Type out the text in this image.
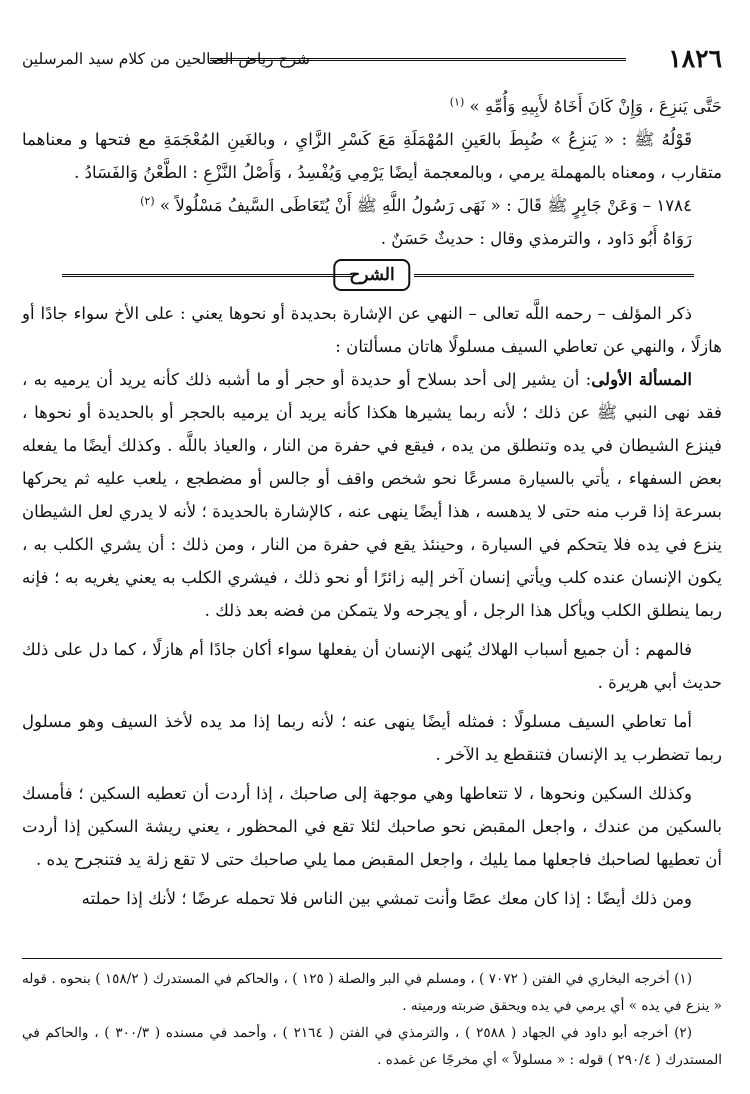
١٨٢٦
شرح رياض الصالحين من كلام سيد المرسلين

حَتَّى يَنزِعَ ، وَإِنْ كَانَ أَخَاهُ لأَبِيهِ وَأُمِّهِ » $^{(١)}$

قَوْلُهُ ﷺ : « يَنزِعُ » ضُبِطَ بالعَينِ المُهْمَلَةِ مَعَ كَسْرِ الزَّايِ ، وبالغَينِ المُعْجَمَةِ مع فتحها و معناهما متقارب ، ومعناه بالمهملة يرمي ، وبالمعجمة أيضًا يَرْمِي وَيُفْسِدُ ، وَأَصْلُ النَّزْعِ : الطَّعْنُ وَالفَسَادُ .

١٧٨٤ – وَعَنْ جَابِرٍ ﷺ قَالَ : « نَهَى رَسُولُ اللَّهِ ﷺ أَنْ يُتَعَاطَى السَّيفُ مَسْلُولاً » $^{(٢)}$

رَوَاهُ أَبُو دَاود ، والترمذي وقال : حديثٌ حَسَنٌ .

الشرح

ذكر المؤلف – رحمه اللَّه تعالى – النهي عن الإشارة بحديدة أو نحوها يعني : على الأخ سواء جادًا أو هازلًا ، والنهي عن تعاطي السيف مسلولًا هاتان مسألتان :

المسألة الأولى: أن يشير إلى أحد بسلاح أو حديدة أو حجر أو ما أشبه ذلك كأنه يريد أن يرميه به ، فقد نهى النبي ﷺ عن ذلك ؛ لأنه ربما يشيرها هكذا كأنه يريد أن يرميه بالحجر أو بالحديدة أو نحوها ، فينزع الشيطان في يده وتنطلق من يده ، فيقع في حفرة من النار ، والعياذ باللَّه . وكذلك أيضًا ما يفعله بعض السفهاء ، يأتي بالسيارة مسرعًا نحو شخص واقف أو جالس أو مضطجع ، يلعب عليه ثم يحركها بسرعة إذا قرب منه حتى لا يدهسه ، هذا أيضًا ينهى عنه ، كالإشارة بالحديدة ؛ لأنه لا يدري لعل الشيطان ينزع في يده فلا يتحكم في السيارة ، وحينئذ يقع في حفرة من النار ، ومن ذلك : أن يشري الكلب به ، يكون الإنسان عنده كلب ويأتي إنسان آخر إليه زائرًا أو نحو ذلك ، فيشري الكلب به يعني يغريه به ؛ فإنه ربما ينطلق الكلب ويأكل هذا الرجل ، أو يجرحه ولا يتمكن من فضه بعد ذلك .

فالمهم : أن جميع أسباب الهلاك يُنهى الإنسان أن يفعلها سواء أكان جادًا أم هازلًا ، كما دل على ذلك حديث أبي هريرة .

أما تعاطي السيف مسلولًا : فمثله أيضًا ينهى عنه ؛ لأنه ربما إذا مد يده لأخذ السيف وهو مسلول ربما تضطرب يد الإنسان فتنقطع يد الآخر .

وكذلك السكين ونحوها ، لا تتعاطها وهي موجهة إلى صاحبك ، إذا أردت أن تعطيه السكين ؛ فأمسك بالسكين من عندك ، واجعل المقبض نحو صاحبك لئلا تقع في المحظور ، يعني ريشة السكين إذا أردت أن تعطيها لصاحبك فاجعلها مما يليك ، واجعل المقبض مما يلي صاحبك حتى لا تقع زلة يد فتنجرح يده .

ومن ذلك أيضًا : إذا كان معك عصًا وأنت تمشي بين الناس فلا تحمله عرضًا ؛ لأنك إذا حملته

(١) أخرجه البخاري في الفتن ( ٧٠٧٢ ) ، ومسلم في البر والصلة ( ١٢٥ ) ، والحاكم في المستدرك ( ١٥٨/٢ ) بنحوه . قوله « ينزع في يده » أي يرمي في يده ويحقق ضربته ورميته .

(٢) أخرجه أبو داود في الجهاد ( ٢٥٨٨ ) ، والترمذي في الفتن ( ٢١٦٤ ) ، وأحمد في مسنده ( ٣٠٠/٣ ) ، والحاكم في المستدرك ( ٢٩٠/٤ ) قوله : « مسلولاً » أي مخرجًا عن غمده .
